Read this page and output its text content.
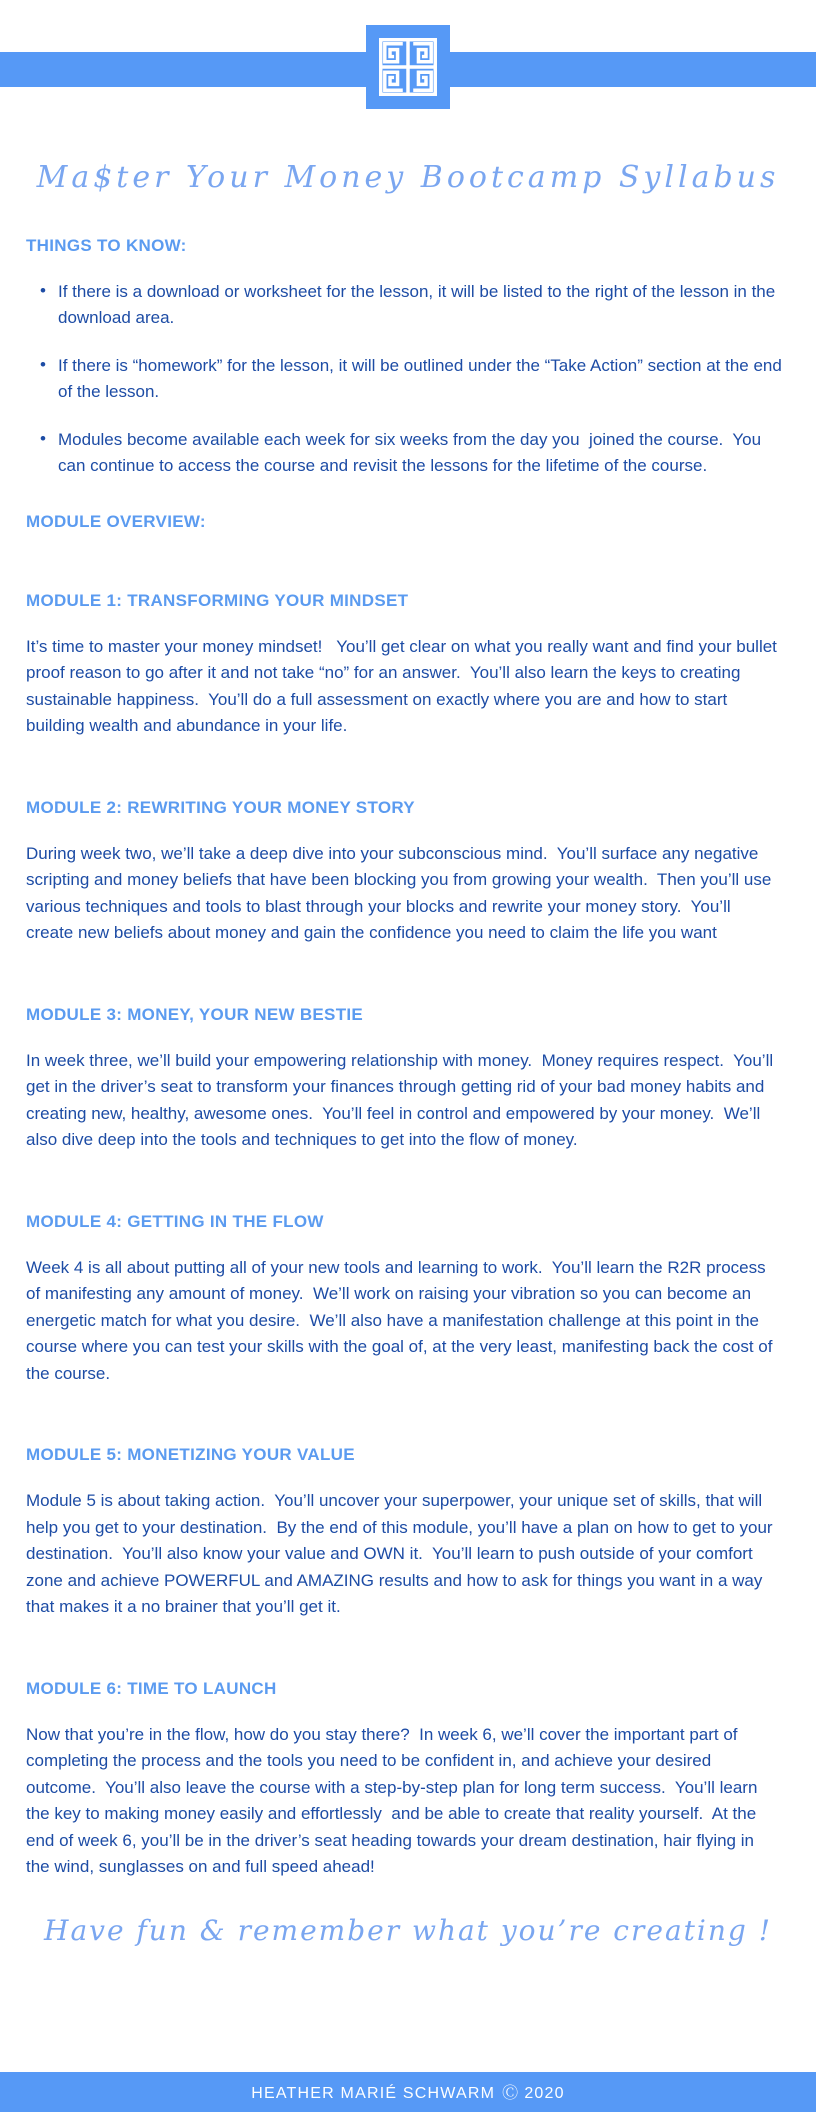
Ma$ter Your Money Bootcamp Syllabus
THINGS TO KNOW:
• If there is a download or worksheet for the lesson, it will be listed to the right of the lesson in the download area.
• If there is “homework” for the lesson, it will be outlined under the “Take Action” section at the end of the lesson.
• Modules become available each week for six weeks from the day you  joined the course.  You can continue to access the course and revisit the lessons for the lifetime of the course.
MODULE OVERVIEW:
MODULE 1: TRANSFORMING YOUR MINDSET

It’s time to master your money mindset!   You’ll get clear on what you really want and find your bullet proof reason to go after it and not take “no” for an answer.  You’ll also learn the keys to creating sustainable happiness.  You’ll do a full assessment on exactly where you are and how to start building wealth and abundance in your life.

MODULE 2: REWRITING YOUR MONEY STORY

During week two, we’ll take a deep dive into your subconscious mind.  You’ll surface any negative scripting and money beliefs that have been blocking you from growing your wealth.  Then you’ll use various techniques and tools to blast through your blocks and rewrite your money story.  You’ll create new beliefs about money and gain the confidence you need to claim the life you want

MODULE 3: MONEY, YOUR NEW BESTIE

In week three, we’ll build your empowering relationship with money.  Money requires respect.  You’ll get in the driver’s seat to transform your finances through getting rid of your bad money habits and creating new, healthy, awesome ones.  You’ll feel in control and empowered by your money.  We’ll also dive deep into the tools and techniques to get into the flow of money.

MODULE 4: GETTING IN THE FLOW

Week 4 is all about putting all of your new tools and learning to work.  You’ll learn the R2R process of manifesting any amount of money.  We’ll work on raising your vibration so you can become an energetic match for what you desire.  We’ll also have a manifestation challenge at this point in the course where you can test your skills with the goal of, at the very least, manifesting back the cost of the course.

MODULE 5: MONETIZING YOUR VALUE

Module 5 is about taking action.  You’ll uncover your superpower, your unique set of skills, that will help you get to your destination.  By the end of this module, you’ll have a plan on how to get to your destination.  You’ll also know your value and OWN it.  You’ll learn to push outside of your comfort zone and achieve POWERFUL and AMAZING results and how to ask for things you want in a way that makes it a no brainer that you’ll get it.

MODULE 6: TIME TO LAUNCH

Now that you’re in the flow, how do you stay there?  In week 6, we’ll cover the important part of completing the process and the tools you need to be confident in, and achieve your desired outcome.  You’ll also leave the course with a step-by-step plan for long term success.  You’ll learn the key to making money easily and effortlessly  and be able to create that reality yourself.  At the end of week 6, you’ll be in the driver’s seat heading towards your dream destination, hair flying in the wind, sunglasses on and full speed ahead!

Have fun & remember what you’re creating !
HEATHER MARIÉ SCHWARM Ⓒ 2020
